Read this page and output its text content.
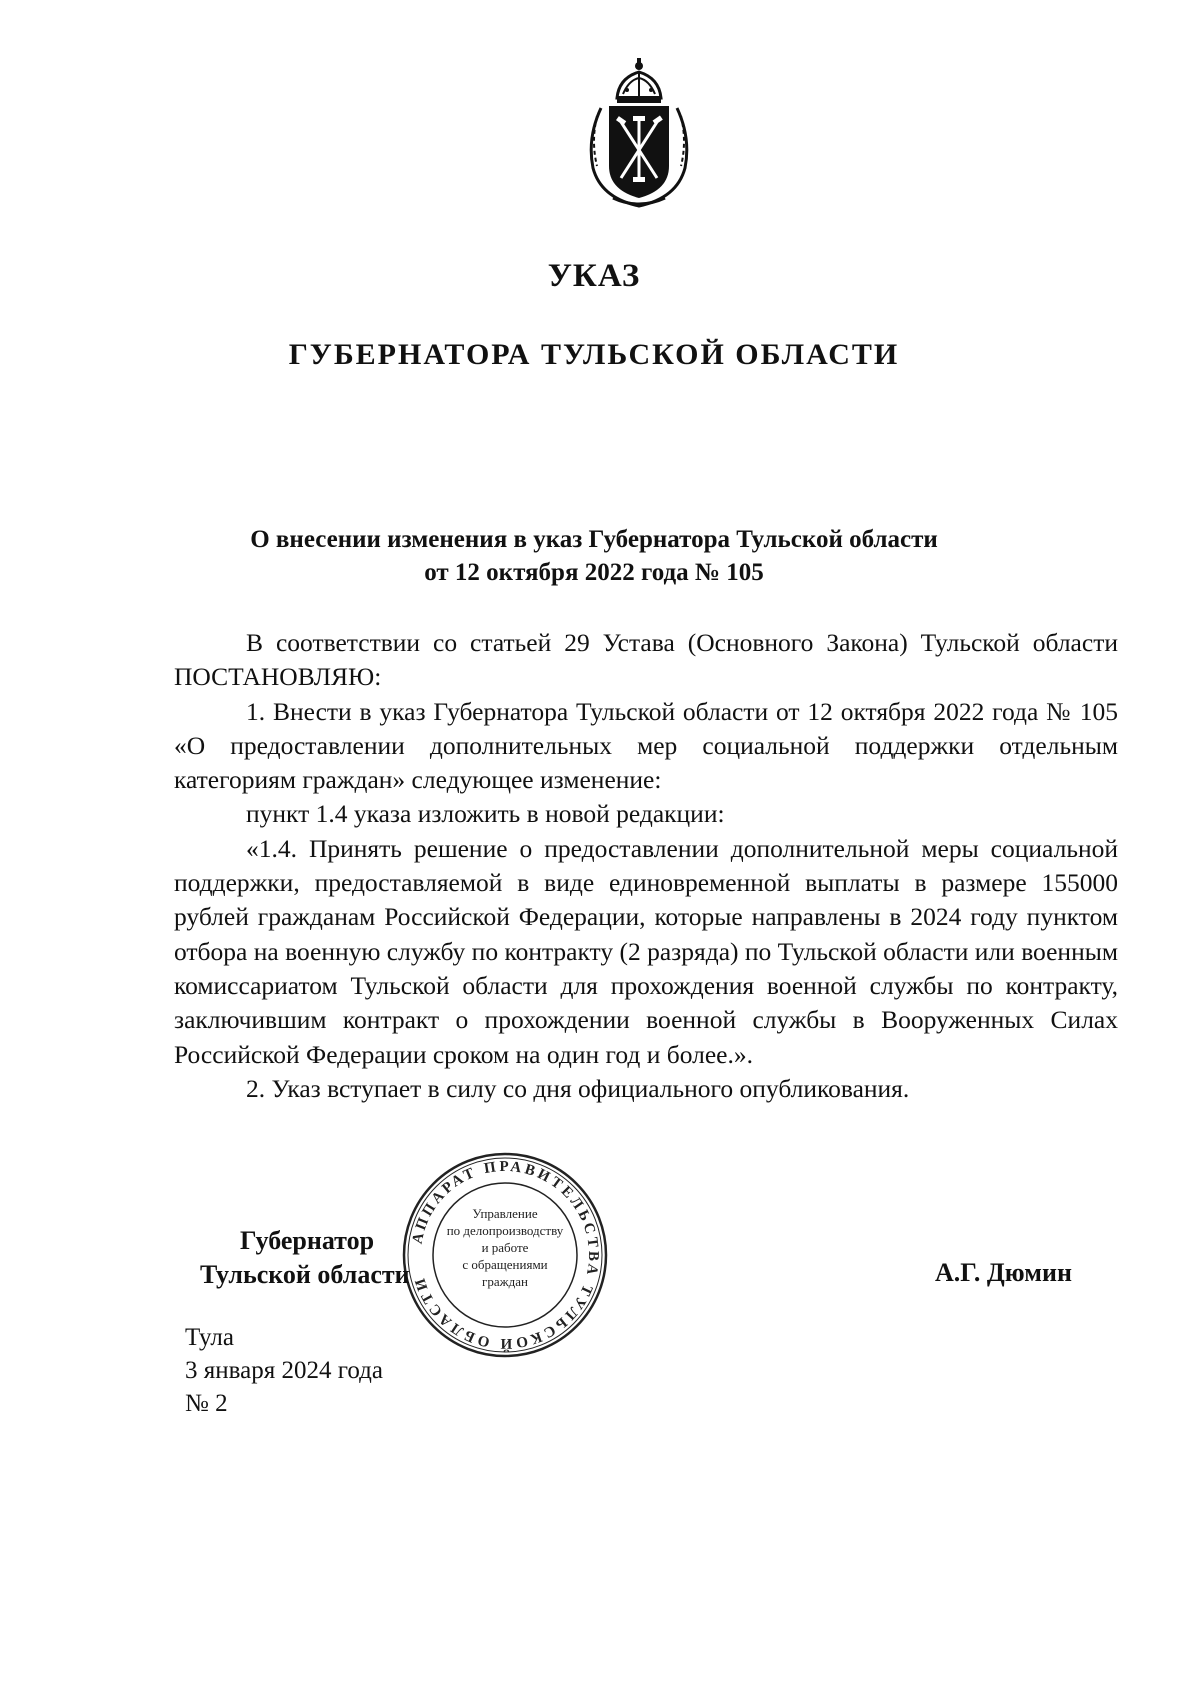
УКАЗ
ГУБЕРНАТОРА ТУЛЬСКОЙ ОБЛАСТИ
О внесении изменения в указ Губернатора Тульской области
от 12 октября 2022 года № 105

В соответствии со статьей 29 Устава (Основного Закона) Тульской области ПОСТАНОВЛЯЮ:

1. Внести в указ Губернатора Тульской области от 12 октября 2022 года № 105 «О предоставлении дополнительных мер социальной поддержки отдельным категориям граждан» следующее изменение:

пункт 1.4 указа изложить в новой редакции:

«1.4. Принять решение о предоставлении дополнительной меры социальной поддержки, предоставляемой в виде единовременной выплаты в размере 155000 рублей гражданам Российской Федерации, которые направлены в 2024 году пунктом отбора на военную службу по контракту (2 разряда) по Тульской области или военным комиссариатом Тульской области для прохождения военной службы по контракту, заключившим контракт о прохождении военной службы в Вооруженных Силах Российской Федерации сроком на один год и более.».

2. Указ вступает в силу со дня официального опубликования.

АППАРАТ ПРАВИТЕЛЬСТВА ТУЛЬСКОЙ ОБЛАСТИ
Управление
по делопроизводству
и работе
с обращениями
граждан
Губернатор
Тульской области	А.Г. Дюмин
Тула
3 января 2024 года
№ 2
